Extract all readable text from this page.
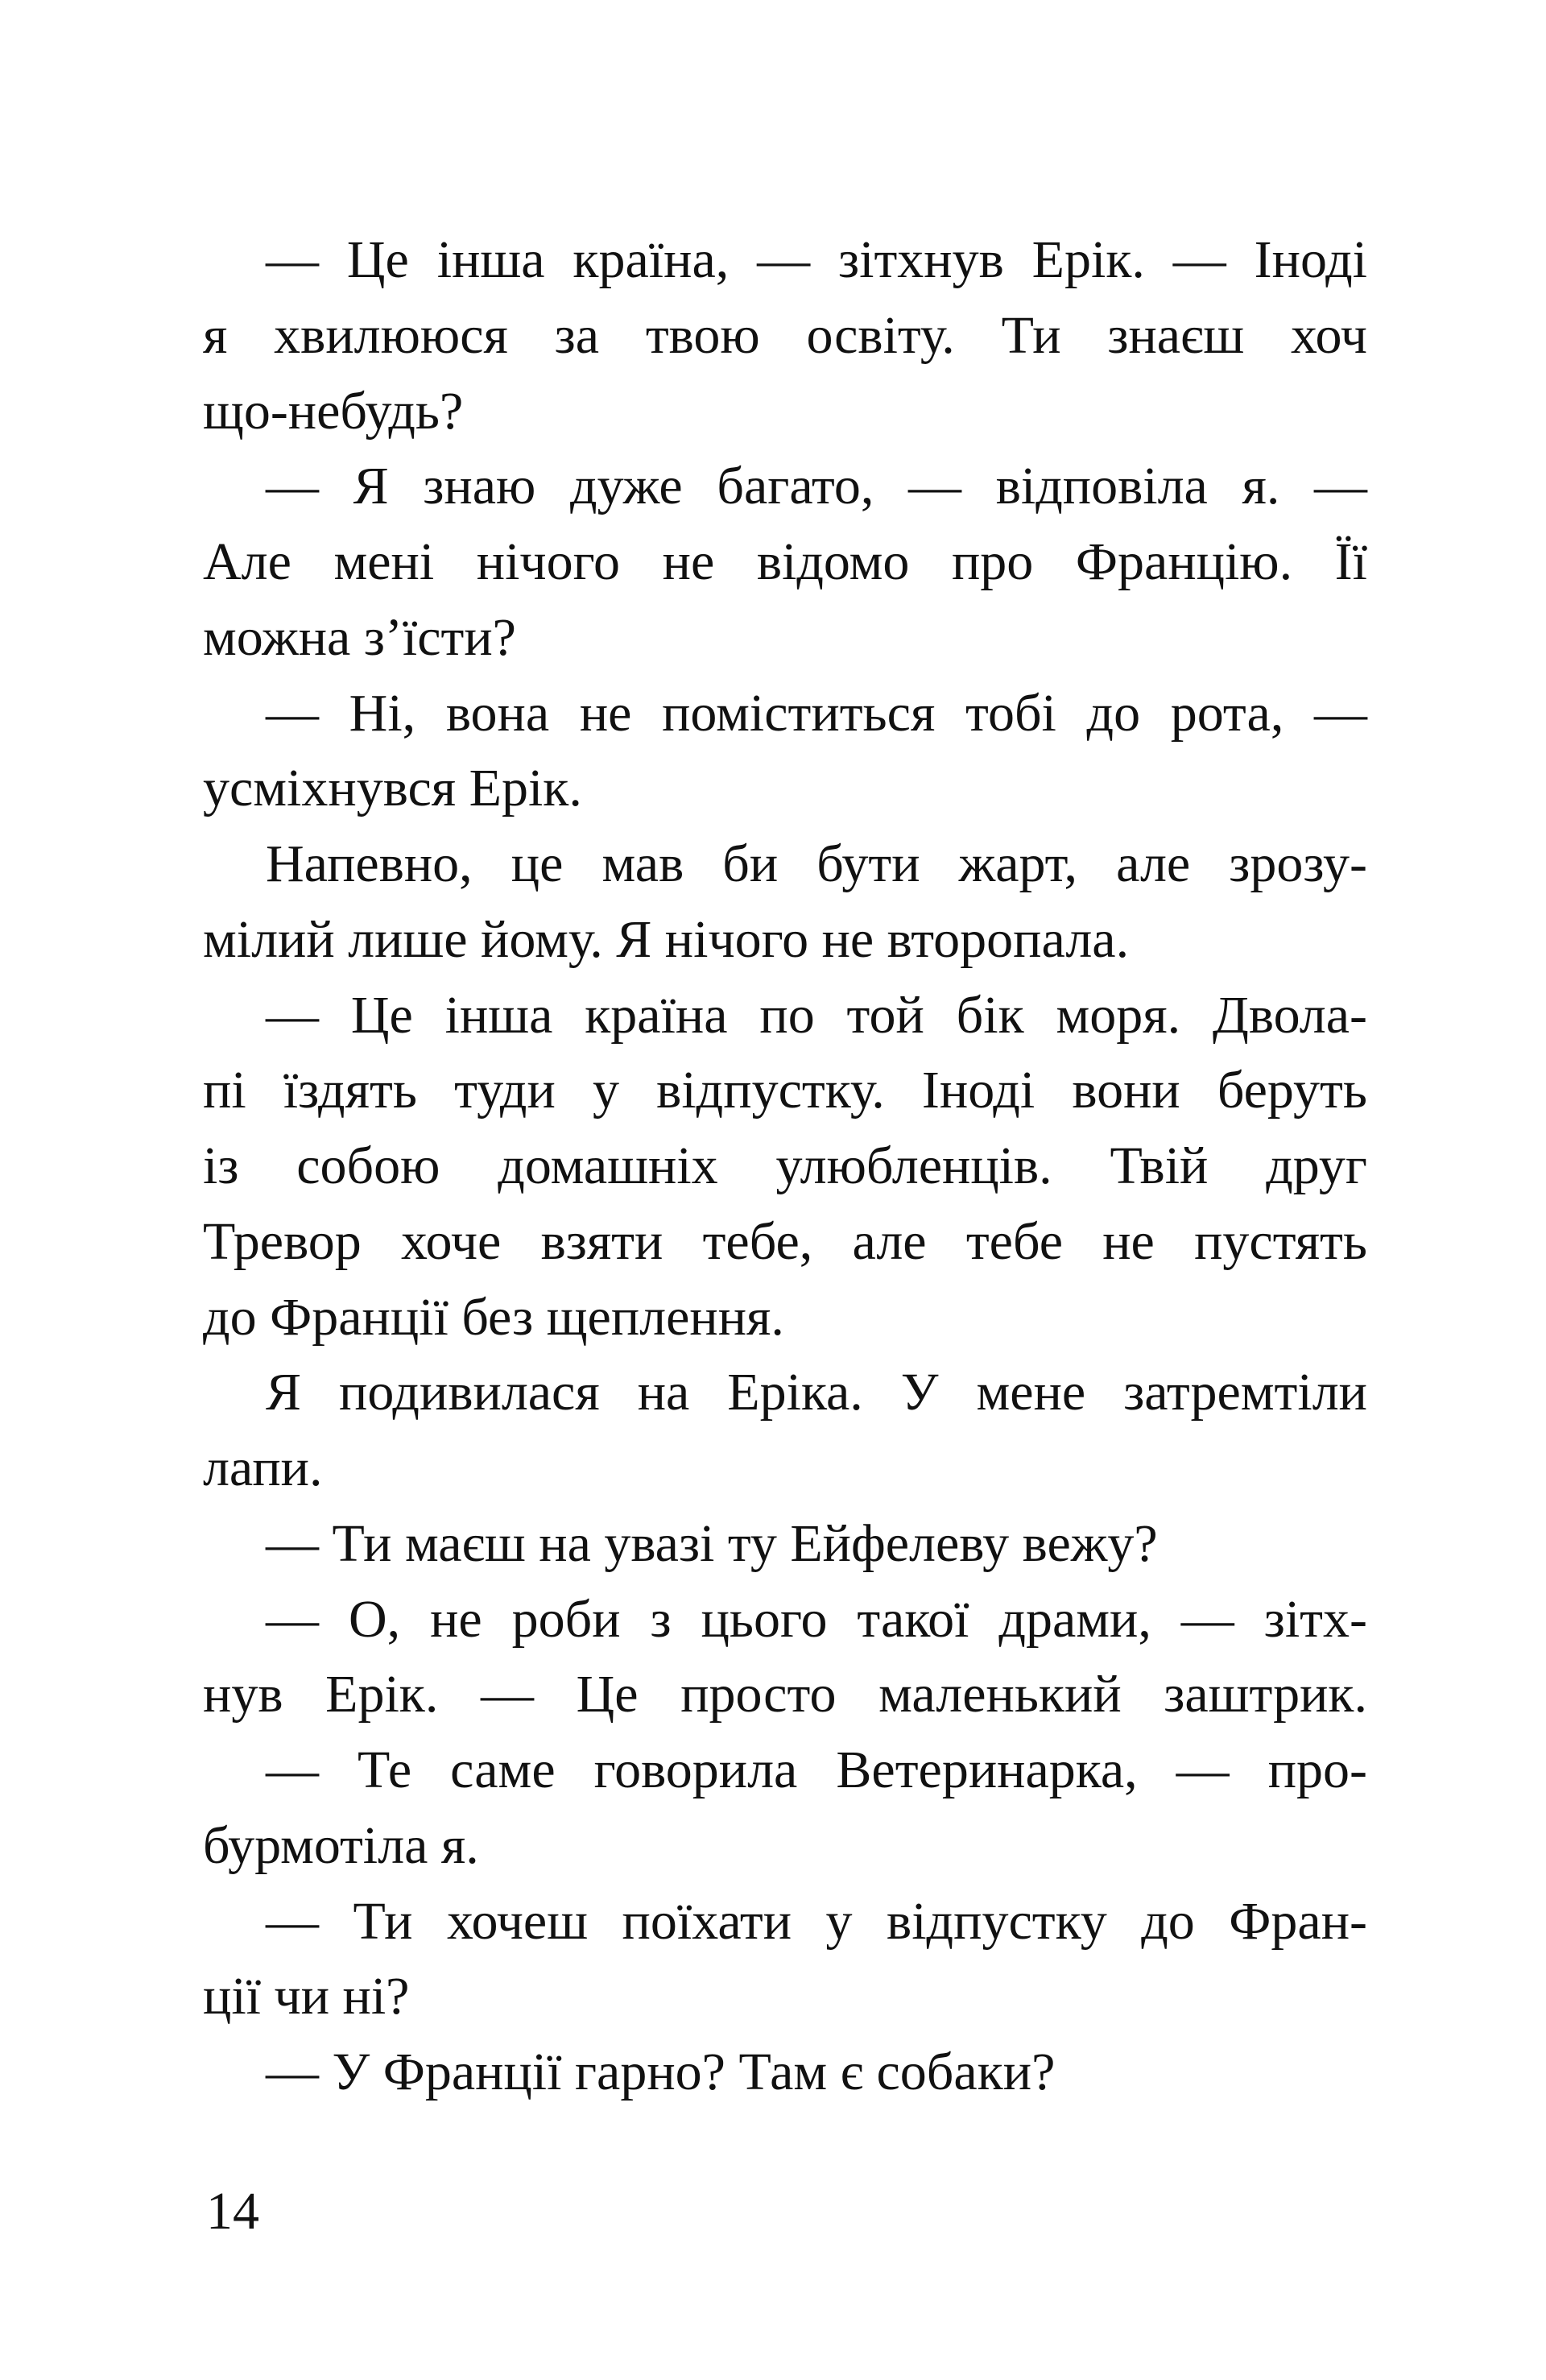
— Це інша країна, — зітхнув Ерік. — Іноді
я хвилююся за твою освіту. Ти знаєш хоч
що-небудь?
— Я знаю дуже багато, — відповіла я. —
Але мені нічого не відомо про Францію. Її
можна з’їсти?
— Ні, вона не поміститься тобі до рота, —
усміхнувся Ерік.
Напевно, це мав би бути жарт, але зрозу-
мілий лише йому. Я нічого не второпала.
— Це інша країна по той бік моря. Двола-
пі їздять туди у відпустку. Іноді вони беруть
із собою домашніх улюбленців. Твій друг
Тревор хоче взяти тебе, але тебе не пустять
до Франції без щеплення.
Я подивилася на Еріка. У мене затремтіли
лапи.
— Ти маєш на увазі ту Ейфелеву вежу?
— О, не роби з цього такої драми, — зітх-
нув Ерік. — Це просто маленький заштрик.
— Те саме говорила Ветеринарка, — про-
бурмотіла я.
— Ти хочеш поїхати у відпустку до Фран-
ції чи ні?
— У Франції гарно? Там є собаки?
14
